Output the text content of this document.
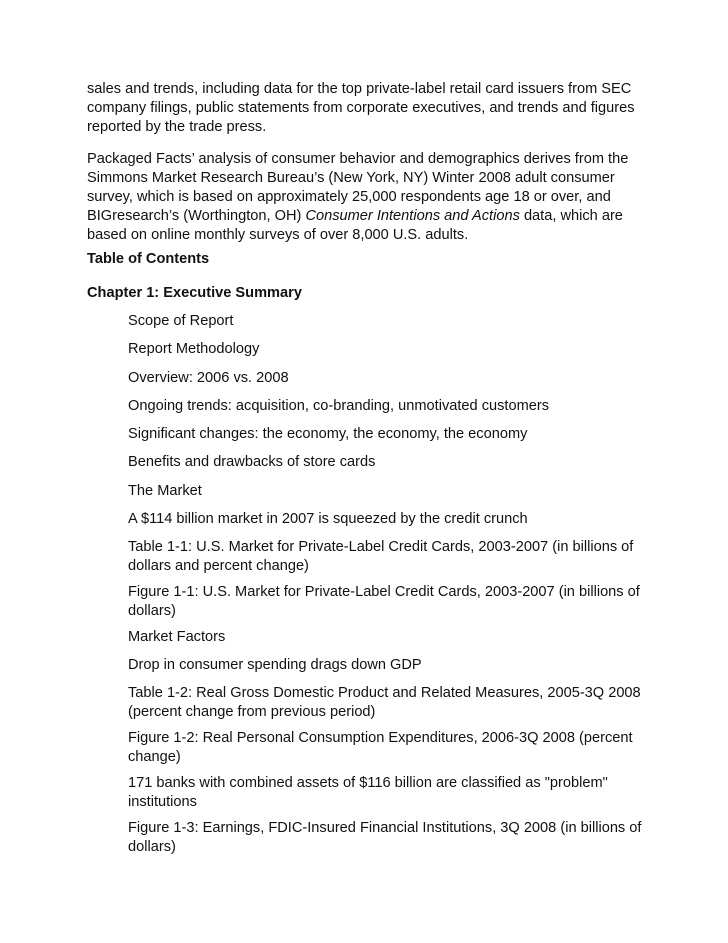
sales and trends, including data for the top private-label retail card issuers from SEC
company filings, public statements from corporate executives, and trends and figures
reported by the trade press.
Packaged Facts’ analysis of consumer behavior and demographics derives from the
Simmons Market Research Bureau’s (New York, NY) Winter 2008 adult consumer
survey, which is based on approximately 25,000 respondents age 18 or over, and
BIGresearch’s (Worthington, OH) Consumer Intentions and Actions data, which are
based on online monthly surveys of over 8,000 U.S. adults.
Table of Contents
Chapter 1: Executive Summary
Scope of Report
Report Methodology
Overview: 2006 vs. 2008
Ongoing trends: acquisition, co-branding, unmotivated customers
Significant changes: the economy, the economy, the economy
Benefits and drawbacks of store cards
The Market
A $114 billion market in 2007 is squeezed by the credit crunch
Table 1-1: U.S. Market for Private-Label Credit Cards, 2003-2007 (in billions of
dollars and percent change)
Figure 1-1: U.S. Market for Private-Label Credit Cards, 2003-2007 (in billions of
dollars)
Market Factors
Drop in consumer spending drags down GDP
Table 1-2: Real Gross Domestic Product and Related Measures, 2005-3Q 2008
(percent change from previous period)
Figure 1-2: Real Personal Consumption Expenditures, 2006-3Q 2008 (percent
change)
171 banks with combined assets of $116 billion are classified as "problem"
institutions
Figure 1-3: Earnings, FDIC-Insured Financial Institutions, 3Q 2008 (in billions of
dollars)
